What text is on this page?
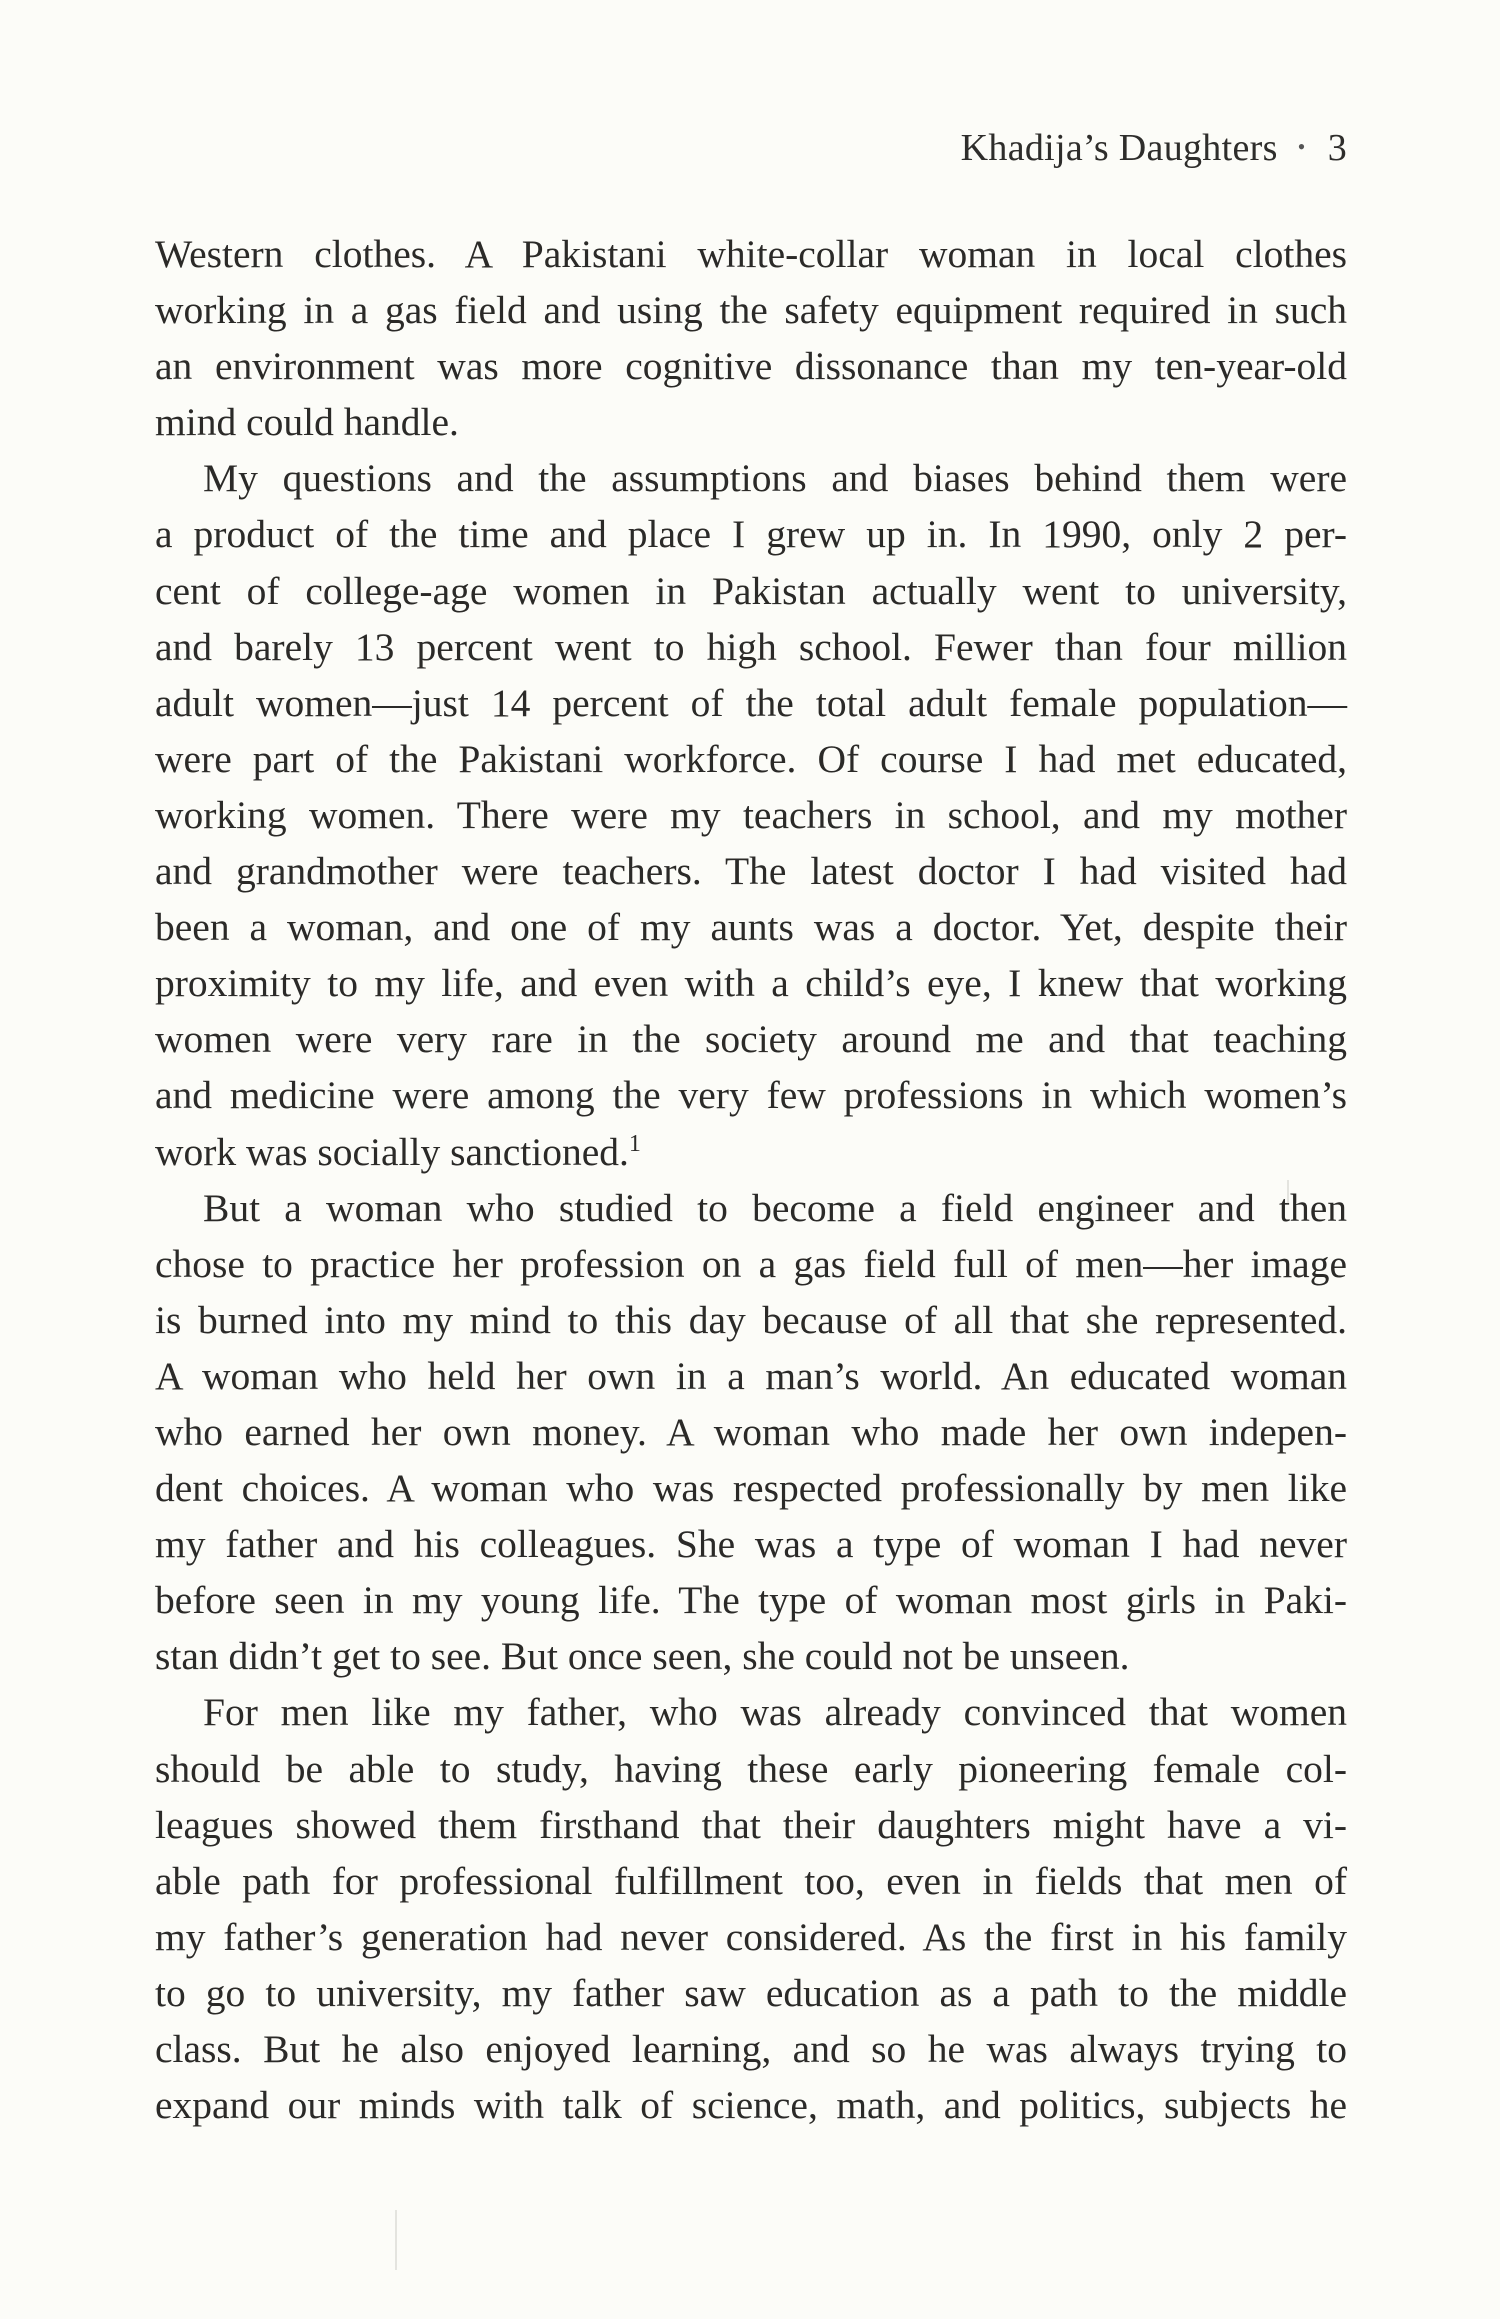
Khadija’s Daughters • 3

Western clothes. A Pakistani white-collar woman in local clothes
working in a gas field and using the safety equipment required in such
an environment was more cognitive dissonance than my ten-year-old
mind could handle.

My questions and the assumptions and biases behind them were
a product of the time and place I grew up in. In 1990, only 2 per-
cent of college-age women in Pakistan actually went to university,
and barely 13 percent went to high school. Fewer than four million
adult women—just 14 percent of the total adult female population—
were part of the Pakistani workforce. Of course I had met educated,
working women. There were my teachers in school, and my mother
and grandmother were teachers. The latest doctor I had visited had
been a woman, and one of my aunts was a doctor. Yet, despite their
proximity to my life, and even with a child’s eye, I knew that working
women were very rare in the society around me and that teaching
and medicine were among the very few professions in which women’s
work was socially sanctioned.$^1$

But a woman who studied to become a field engineer and then
chose to practice her profession on a gas field full of men—her image
is burned into my mind to this day because of all that she represented.
A woman who held her own in a man’s world. An educated woman
who earned her own money. A woman who made her own indepen-
dent choices. A woman who was respected professionally by men like
my father and his colleagues. She was a type of woman I had never
before seen in my young life. The type of woman most girls in Paki-
stan didn’t get to see. But once seen, she could not be unseen.

For men like my father, who was already convinced that women
should be able to study, having these early pioneering female col-
leagues showed them firsthand that their daughters might have a vi-
able path for professional fulfillment too, even in fields that men of
my father’s generation had never considered. As the first in his family
to go to university, my father saw education as a path to the middle
class. But he also enjoyed learning, and so he was always trying to
expand our minds with talk of science, math, and politics, subjects he
